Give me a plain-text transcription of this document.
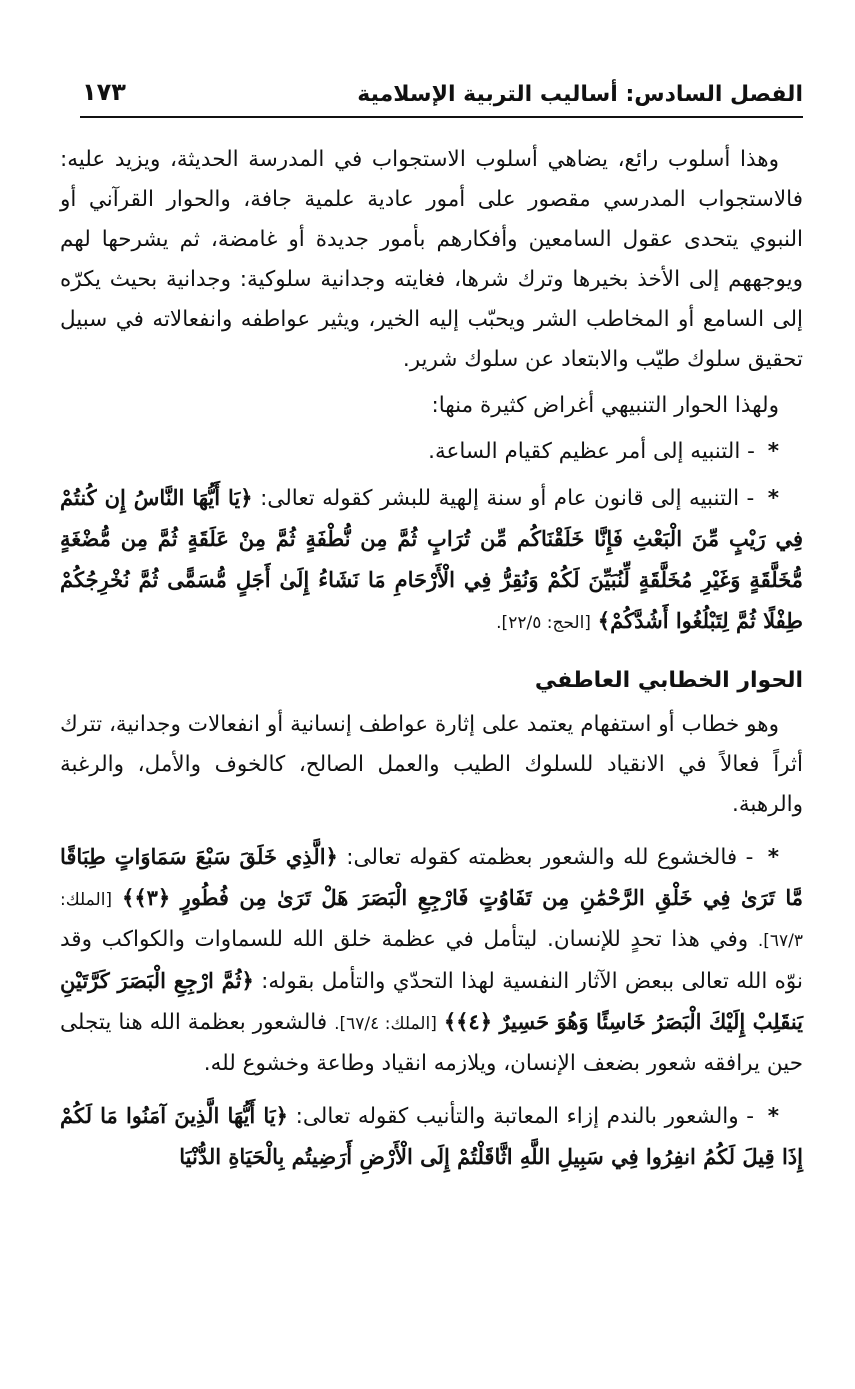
الفصل السادس: أساليب التربية الإسلامية
١٧٣

وهذا أسلوب رائع، يضاهي أسلوب الاستجواب في المدرسة الحديثة، ويزيد عليه: فالاستجواب المدرسي مقصور على أمور عادية علمية جافة، والحوار القرآني أو النبوي يتحدى عقول السامعين وأفكارهم بأمور جديدة أو غامضة، ثم يشرحها لهم ويوجههم إلى الأخذ بخيرها وترك شرها، فغايته وجدانية سلوكية: وجدانية بحيث يكرّه إلى السامع أو المخاطب الشر ويحبّب إليه الخير، ويثير عواطفه وانفعالاته في سبيل تحقيق سلوك طيّب والابتعاد عن سلوك شرير.

ولهذا الحوار التنبيهي أغراض كثيرة منها:

* - التنبيه إلى أمر عظيم كقيام الساعة.

* - التنبيه إلى قانون عام أو سنة إلهية للبشر كقوله تعالى: ﴿يَا أَيُّهَا النَّاسُ إِن كُنتُمْ فِي رَيْبٍ مِّنَ الْبَعْثِ فَإِنَّا خَلَقْنَاكُم مِّن تُرَابٍ ثُمَّ مِن نُّطْفَةٍ ثُمَّ مِنْ عَلَقَةٍ ثُمَّ مِن مُّضْغَةٍ مُّخَلَّقَةٍ وَغَيْرِ مُخَلَّقَةٍ لِّنُبَيِّنَ لَكُمْ وَنُقِرُّ فِي الْأَرْحَامِ مَا نَشَاءُ إِلَىٰ أَجَلٍ مُّسَمًّى ثُمَّ نُخْرِجُكُمْ طِفْلًا ثُمَّ لِتَبْلُغُوا أَشُدَّكُمْ﴾ [الحج: ٢٢/٥].

الحوار الخطابي العاطفي

وهو خطاب أو استفهام يعتمد على إثارة عواطف إنسانية أو انفعالات وجدانية، تترك أثراً فعالاً في الانقياد للسلوك الطيب والعمل الصالح، كالخوف والأمل، والرغبة والرهبة.

* - فالخشوع لله والشعور بعظمته كقوله تعالى: ﴿الَّذِي خَلَقَ سَبْعَ سَمَاوَاتٍ طِبَاقًا مَّا تَرَىٰ فِي خَلْقِ الرَّحْمَٰنِ مِن تَفَاوُتٍ فَارْجِعِ الْبَصَرَ هَلْ تَرَىٰ مِن فُطُورٍ ﴿٣﴾﴾ [الملك: ٦٧/٣]. وفي هذا تحدٍ للإنسان. ليتأمل في عظمة خلق الله للسماوات والكواكب وقد نوّه الله تعالى ببعض الآثار النفسية لهذا التحدّي والتأمل بقوله: ﴿ثُمَّ ارْجِعِ الْبَصَرَ كَرَّتَيْنِ يَنقَلِبْ إِلَيْكَ الْبَصَرُ خَاسِئًا وَهُوَ حَسِيرٌ ﴿٤﴾﴾ [الملك: ٦٧/٤]. فالشعور بعظمة الله هنا يتجلى حين يرافقه شعور بضعف الإنسان، ويلازمه انقياد وطاعة وخشوع لله.

* - والشعور بالندم إزاء المعاتبة والتأنيب كقوله تعالى: ﴿يَا أَيُّهَا الَّذِينَ آمَنُوا مَا لَكُمْ إِذَا قِيلَ لَكُمُ انفِرُوا فِي سَبِيلِ اللَّهِ اثَّاقَلْتُمْ إِلَى الْأَرْضِ أَرَضِيتُم بِالْحَيَاةِ الدُّنْيَا
